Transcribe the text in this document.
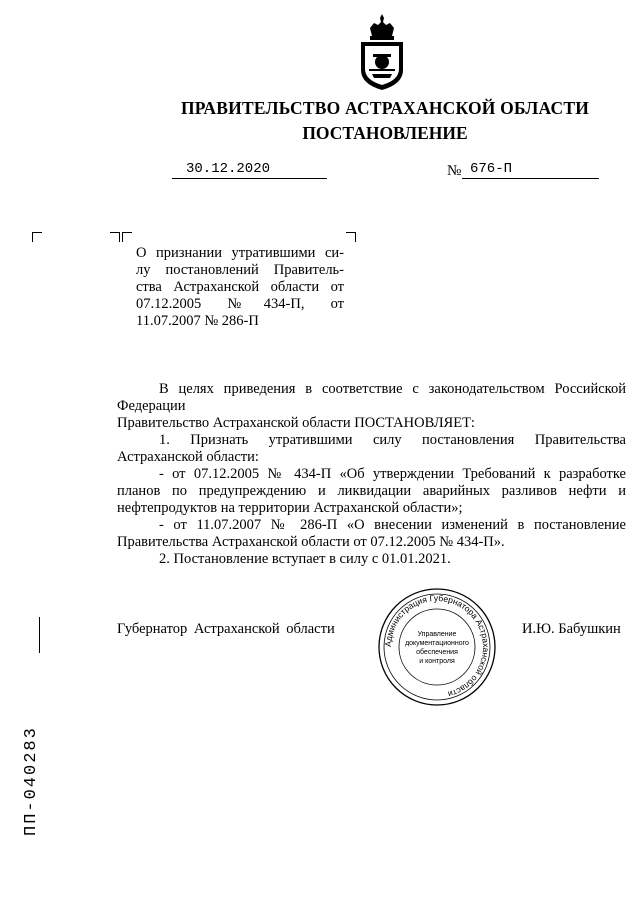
ПРАВИТЕЛЬСТВО АСТРАХАНСКОЙ ОБЛАСТИ
ПОСТАНОВЛЕНИЕ
30.12.2020	№ 676-П
О признании утратившими си-
лу постановлений Правитель-
ства Астраханской области от
07.12.2005 №434-П, от
11.07.2007 № 286-П

В целях приведения в соответствие с законодательством Российской Федерации

Правительство Астраханской области ПОСТАНОВЛЯЕТ:

1. Признать утратившими силу постановления Правительства Астраханской области:

- от 07.12.2005 № 434-П «Об утверждении Требований к разработке планов по предупреждению и ликвидации аварийных разливов нефти и нефтепродуктов на территории Астраханской области»;

- от 11.07.2007 № 286-П «О внесении изменений в постановление Правительства Астраханской области от 07.12.2005 № 434-П».

2. Постановление вступает в силу с 01.01.2021.

Губернатор Астраханской области	И.Ю. Бабушкин
Администрация Губернатора Астраханской области
Управление
документационного
обеспечения
и контроля
ПП-040283
